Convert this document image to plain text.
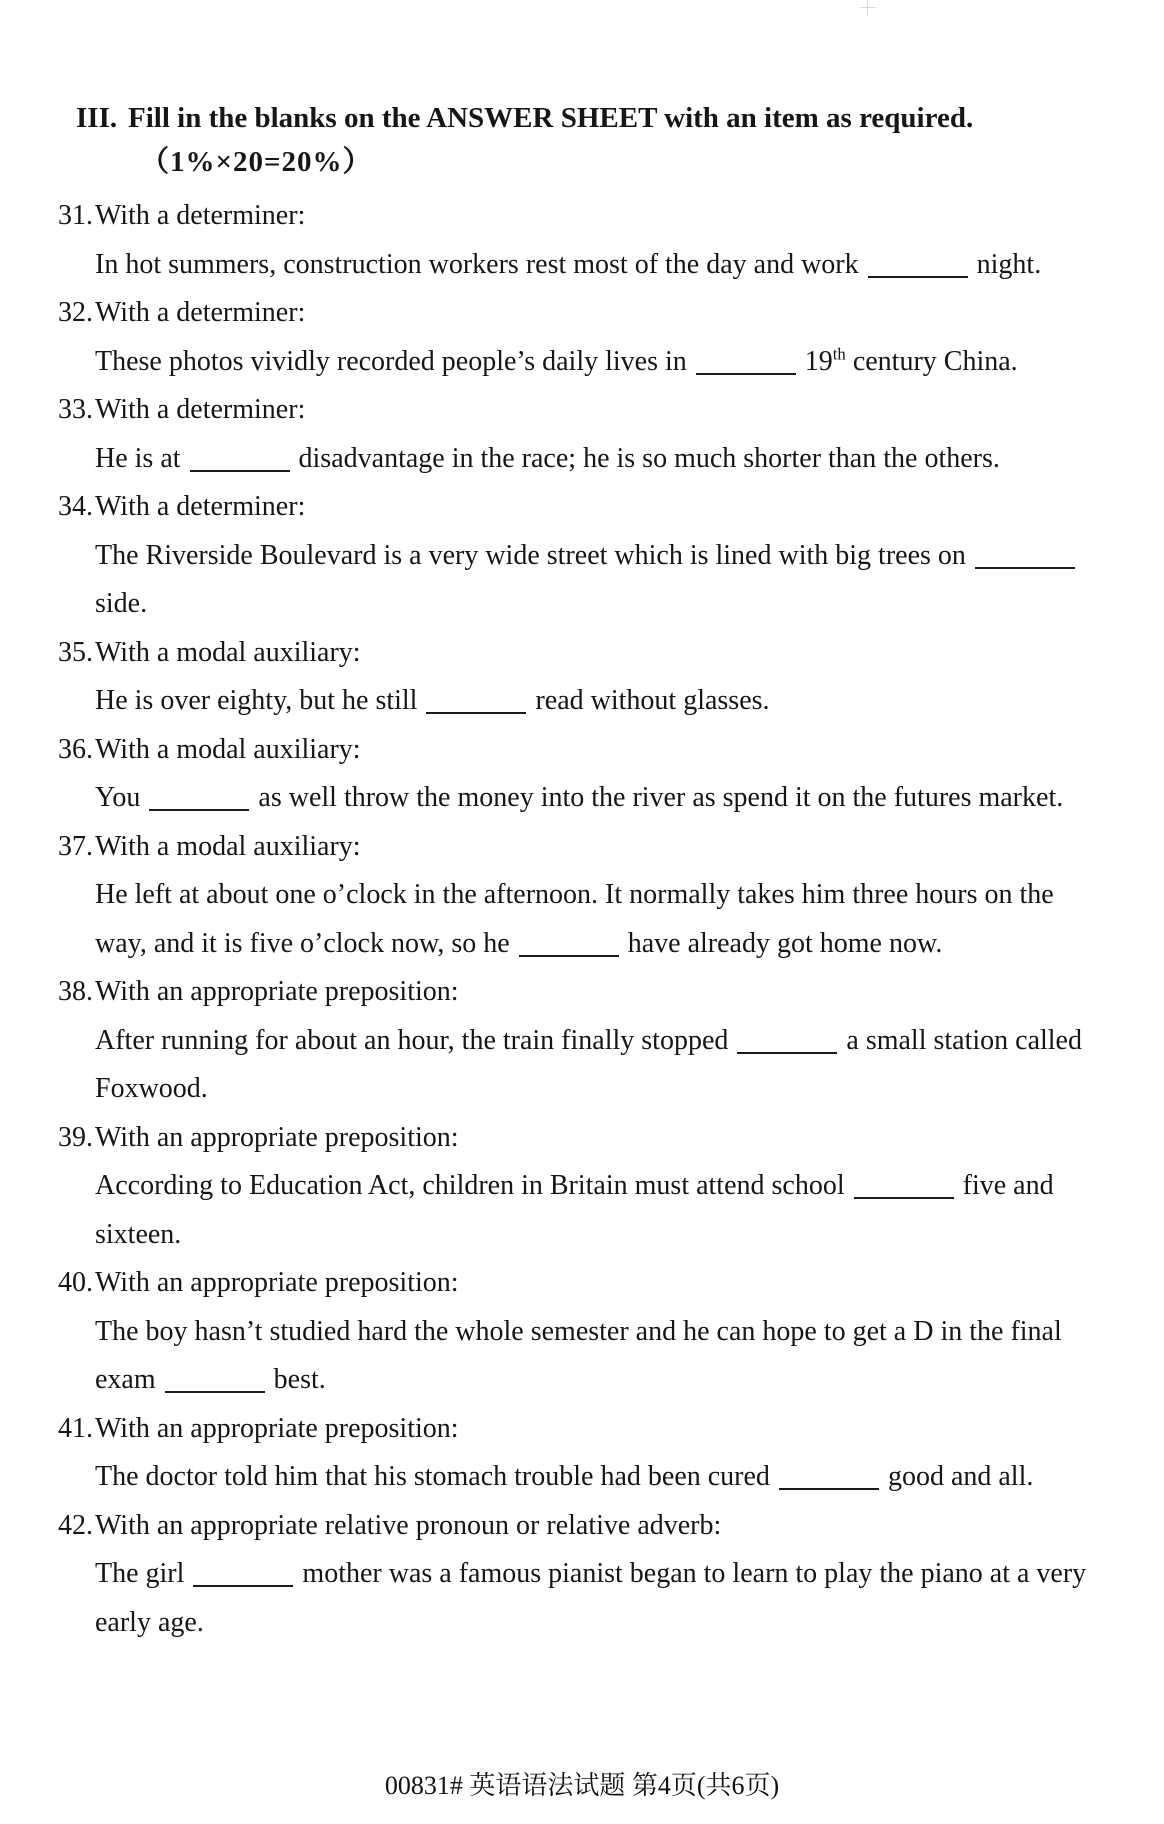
III. Fill in the blanks on the ANSWER SHEET with an item as required.
（1%×20=20%）
31. With a determiner:
In hot summers, construction workers rest most of the day and work	night.
32. With a determiner:
These photos vividly recorded people’s daily lives in	19th century China.
33. With a determiner:
He is at	disadvantage in the race; he is so much shorter than the others.
34. With a determiner:
The Riverside Boulevard is a very wide street which is lined with big trees on
side.
35. With a modal auxiliary:
He is over eighty, but he still	read without glasses.
36. With a modal auxiliary:
You	as well throw the money into the river as spend it on the futures market.
37. With a modal auxiliary:
He left at about one o’clock in the afternoon. It normally takes him three hours on the
way, and it is five o’clock now, so he	have already got home now.
38. With an appropriate preposition:
After running for about an hour, the train finally stopped	a small station called
Foxwood.
39. With an appropriate preposition:
According to Education Act, children in Britain must attend school	five and
sixteen.
40. With an appropriate preposition:
The boy hasn’t studied hard the whole semester and he can hope to get a D in the final
exam	best.
41. With an appropriate preposition:
The doctor told him that his stomach trouble had been cured	good and all.
42. With an appropriate relative pronoun or relative adverb:
The girl	mother was a famous pianist began to learn to play the piano at a very
early age.
00831# 英语语法试题 第4页(共6页)
